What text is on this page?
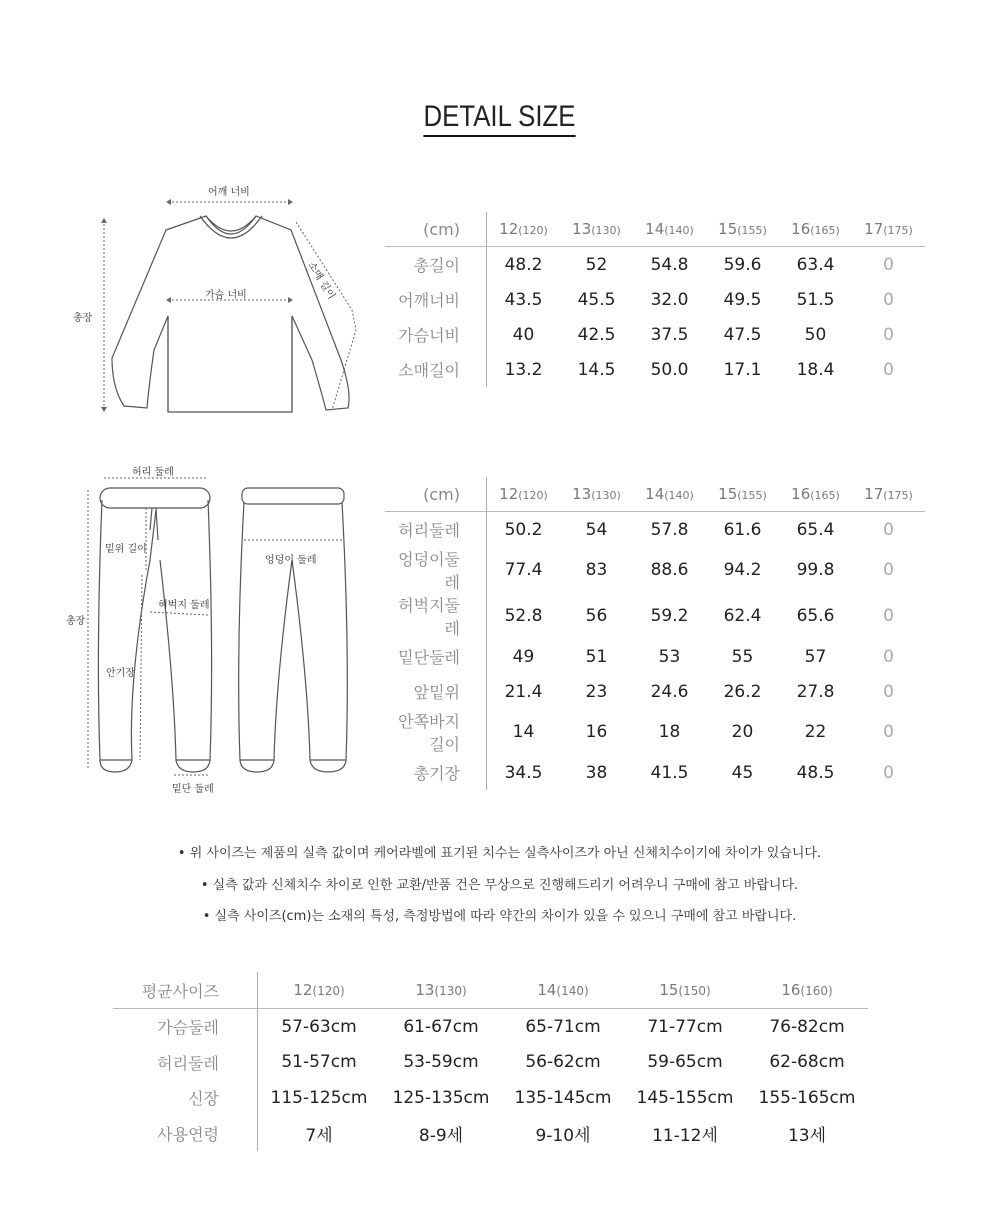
DETAIL SIZE
어깨 너비
소매 길이
가슴 너비
총장
허리 둘레
밑위 길이
엉덩이 둘레
허벅지 둘레
총장
안기장
밑단 둘레
(cm)	12(120)	13(130)	14(140)	15(155)	16(165)	17(175)
총길이	48.2	52	54.8	59.6	63.4	0
어깨너비	43.5	45.5	32.0	49.5	51.5	0
가슴너비	40	42.5	37.5	47.5	50	0
소매길이	13.2	14.5	50.0	17.1	18.4	0
(cm)	12(120)	13(130)	14(140)	15(155)	16(165)	17(175)
허리둘레	50.2	54	57.8	61.6	65.4	0
엉덩이둘레	77.4	83	88.6	94.2	99.8	0
허벅지둘레	52.8	56	59.2	62.4	65.6	0
밑단둘레	49	51	53	55	57	0
앞밑위	21.4	23	24.6	26.2	27.8	0
안쪽바지길이	14	16	18	20	22	0
총기장	34.5	38	41.5	45	48.5	0
• 위 사이즈는 제품의 실측 값이며 케어라벨에 표기된 치수는 실측사이즈가 아닌 신체치수이기에 차이가 있습니다.
• 실측 값과 신체치수 차이로 인한 교환/반품 건은 무상으로 진행해드리기 어려우니 구매에 참고 바랍니다.
• 실측 사이즈(cm)는 소재의 특성, 측정방법에 따라 약간의 차이가 있을 수 있으니 구매에 참고 바랍니다.
평균사이즈	12(120)	13(130)	14(140)	15(150)	16(160)
가슴둘레	57-63cm	61-67cm	65-71cm	71-77cm	76-82cm
허리둘레	51-57cm	53-59cm	56-62cm	59-65cm	62-68cm
신장	115-125cm	125-135cm	135-145cm	145-155cm	155-165cm
사용연령	7세	8-9세	9-10세	11-12세	13세
